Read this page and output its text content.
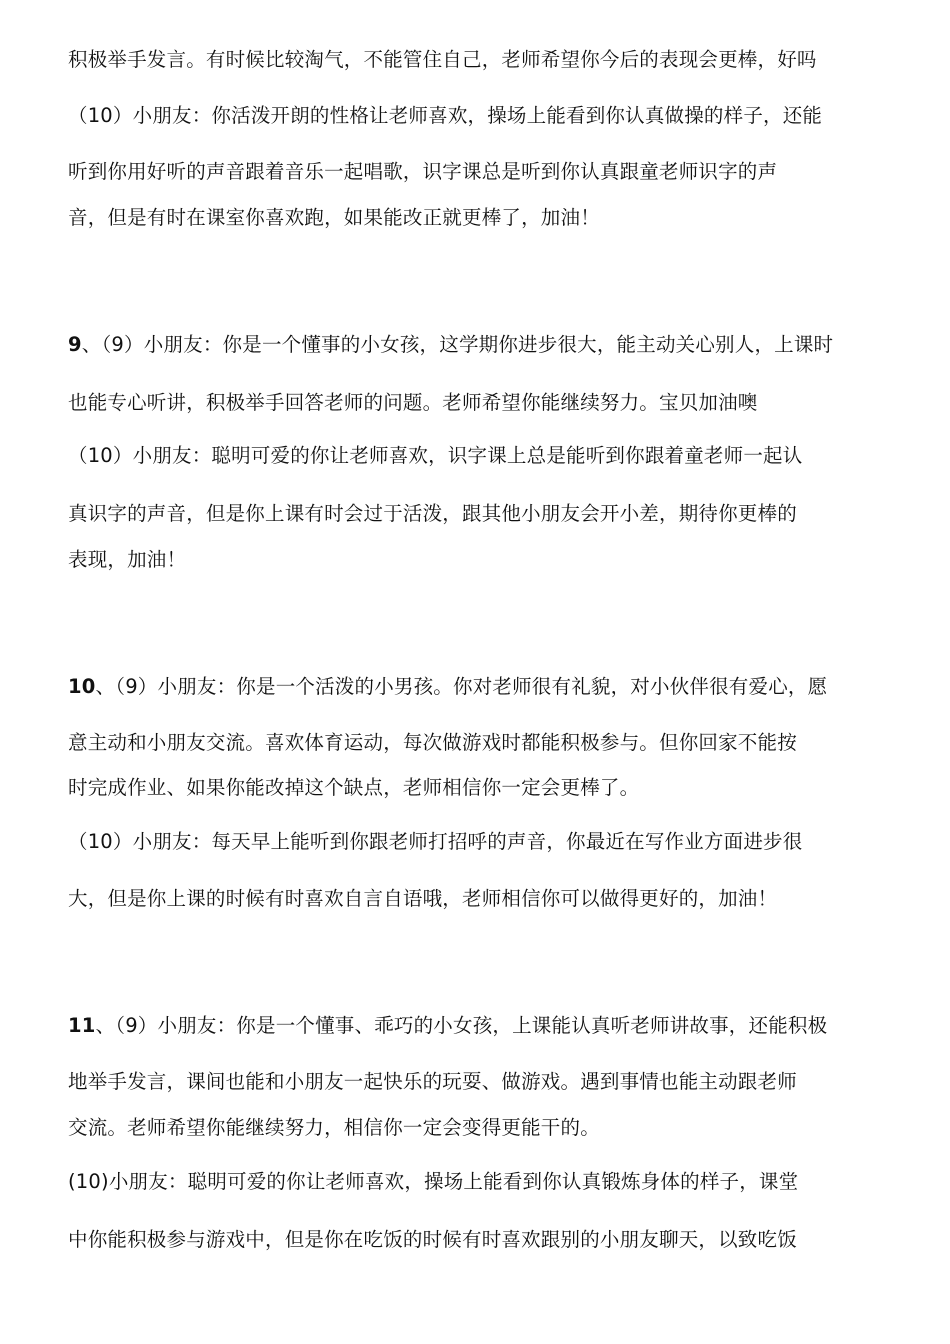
积极举手发言。有时候比较淘气，不能管住自己，老师希望你今后的表现会更棒，好吗
（10）小朋友：你活泼开朗的性格让老师喜欢，操场上能看到你认真做操的样子，还能
听到你用好听的声音跟着音乐一起唱歌，识字课总是听到你认真跟童老师识字的声
音，但是有时在课室你喜欢跑，如果能改正就更棒了，加油！
9、（9）小朋友：你是一个懂事的小女孩，这学期你进步很大，能主动关心别人，上课时
也能专心听讲，积极举手回答老师的问题。老师希望你能继续努力。宝贝加油噢
（10）小朋友：聪明可爱的你让老师喜欢，识字课上总是能听到你跟着童老师一起认
真识字的声音，但是你上课有时会过于活泼，跟其他小朋友会开小差，期待你更棒的
表现，加油！
10、（9）小朋友：你是一个活泼的小男孩。你对老师很有礼貌，对小伙伴很有爱心，愿
意主动和小朋友交流。喜欢体育运动，每次做游戏时都能积极参与。但你回家不能按
时完成作业、如果你能改掉这个缺点，老师相信你一定会更棒了。
（10）小朋友：每天早上能听到你跟老师打招呼的声音，你最近在写作业方面进步很
大，但是你上课的时候有时喜欢自言自语哦，老师相信你可以做得更好的，加油！
11、（9）小朋友：你是一个懂事、乖巧的小女孩，上课能认真听老师讲故事，还能积极
地举手发言，课间也能和小朋友一起快乐的玩耍、做游戏。遇到事情也能主动跟老师
交流。老师希望你能继续努力，相信你一定会变得更能干的。
(10)小朋友：聪明可爱的你让老师喜欢，操场上能看到你认真锻炼身体的样子，课堂
中你能积极参与游戏中，但是你在吃饭的时候有时喜欢跟别的小朋友聊天，以致吃饭
